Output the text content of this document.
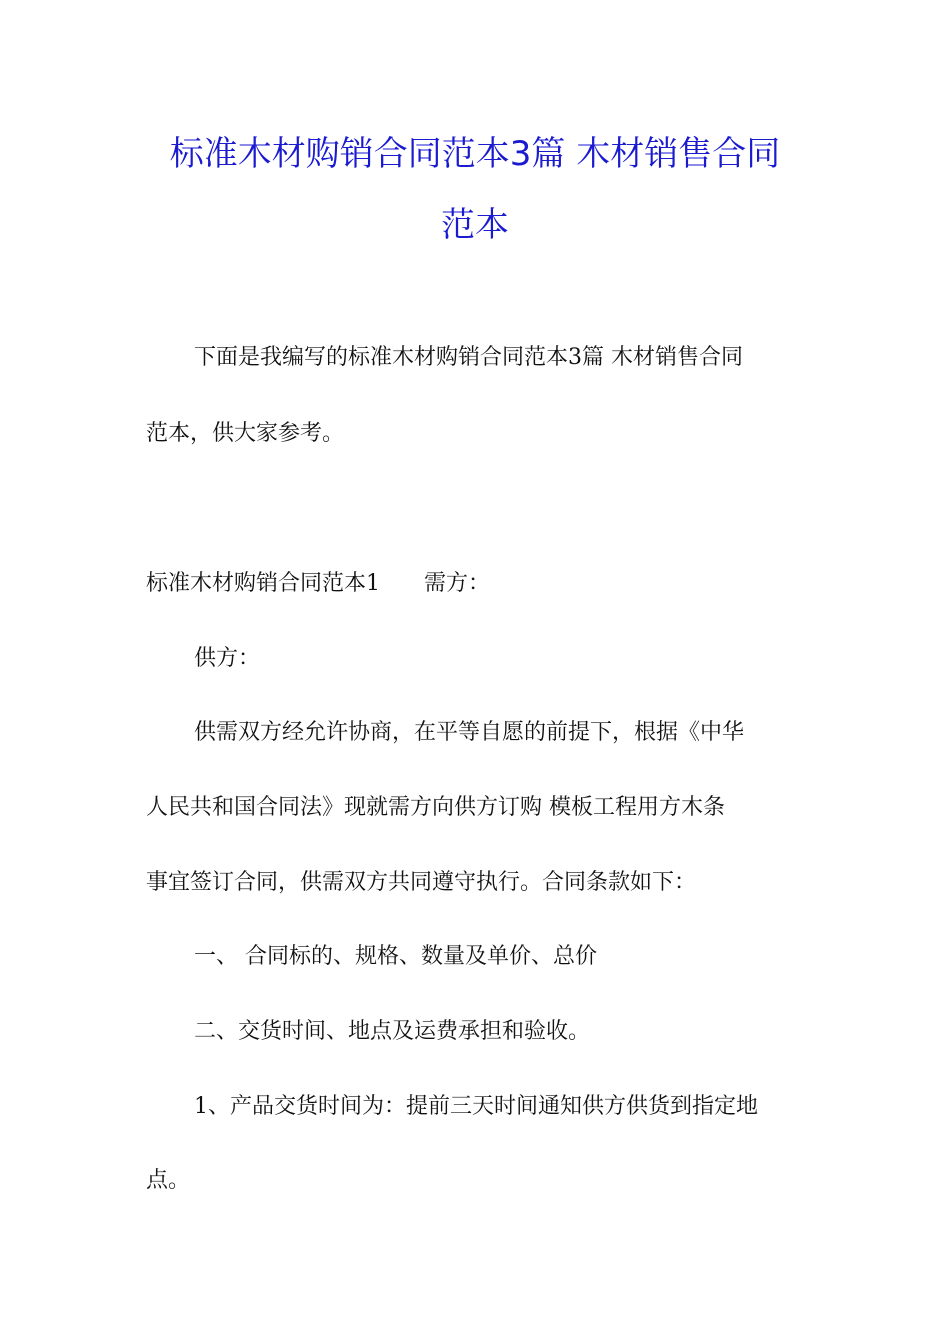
标准木材购销合同范本3篇 木材销售合同
范本
下面是我编写的标准木材购销合同范本3篇 木材销售合同
范本，供大家参考。
标准木材购销合同范本1　　需方：
供方：
供需双方经允许协商，在平等自愿的前提下，根据《中华
人民共和国合同法》现就需方向供方订购 模板工程用方木条
事宜签订合同，供需双方共同遵守执行。合同条款如下：
一、 合同标的、规格、数量及单价、总价
二、交货时间、地点及运费承担和验收。
1、产品交货时间为：提前三天时间通知供方供货到指定地
点。
